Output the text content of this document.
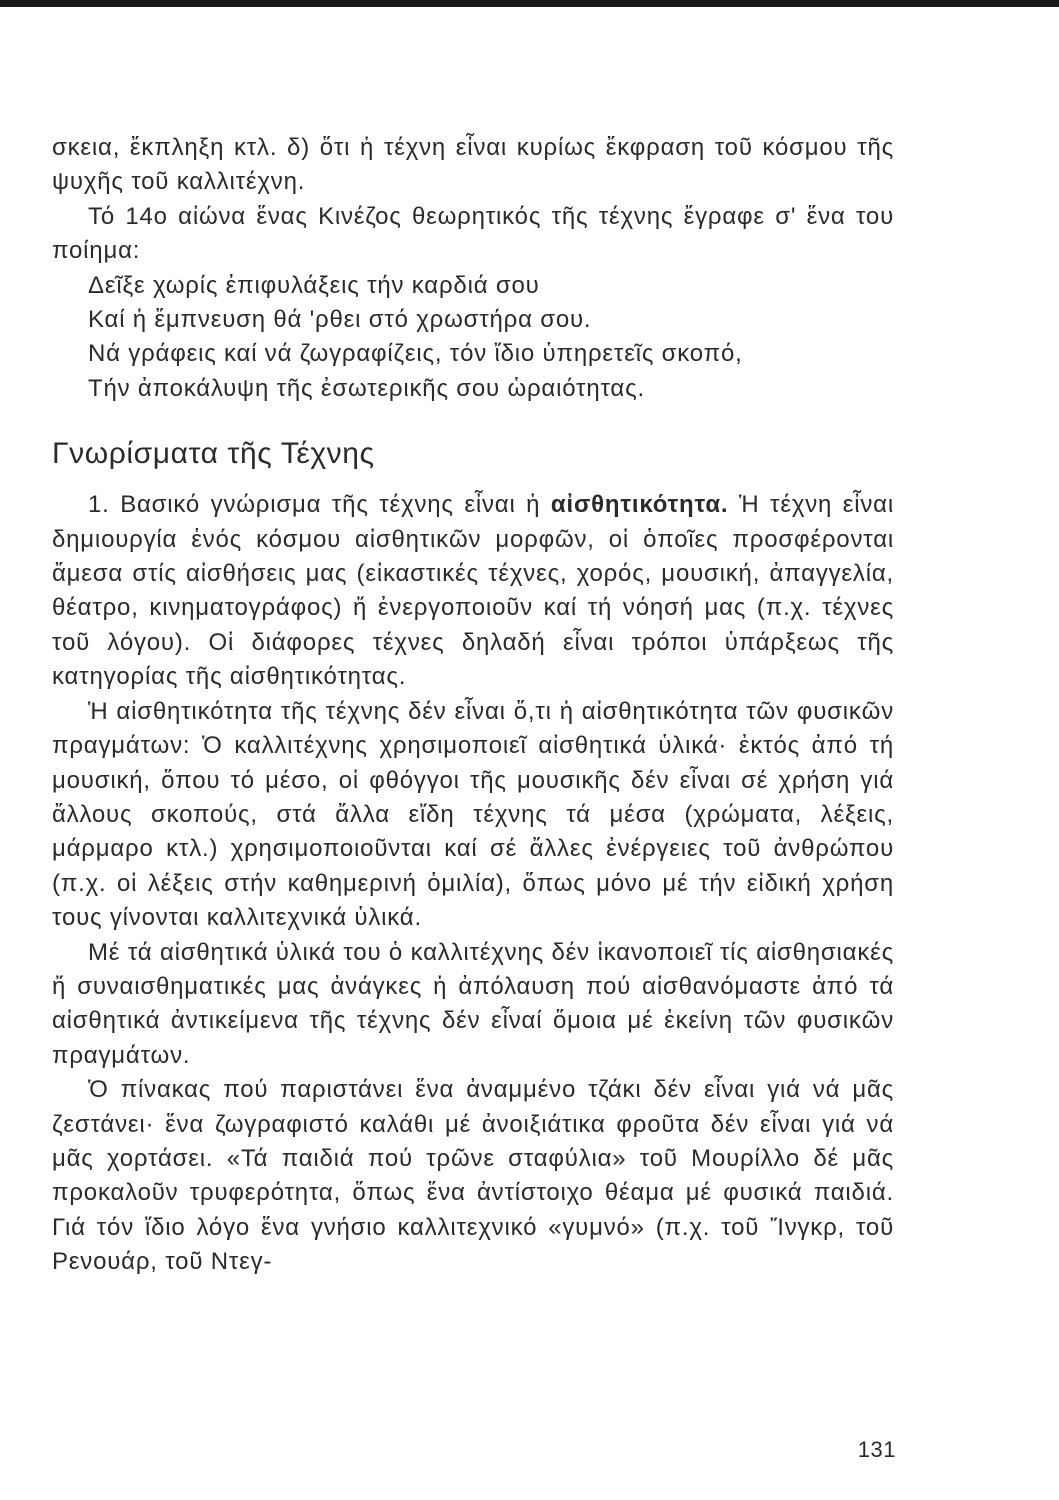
σκεια, ἔκπληξη κτλ. δ) ὅτι ἡ τέχνη εἶναι κυρίως ἔκφραση τοῦ κόσμου τῆς ψυχῆς τοῦ καλλιτέχνη.

Τό 14ο αἰώνα ἕνας Κινέζος θεωρητικός τῆς τέχνης ἔγραφε σ' ἕνα του ποίημα:

Δεῖξε χωρίς ἐπιφυλάξεις τήν καρδιά σου
Καί ἡ ἔμπνευση θά 'ρθει στό χρωστήρα σου.
Νά γράφεις καί νά ζωγραφίζεις, τόν ἴδιο ὑπηρετεῖς σκοπό,
Τήν ἀποκάλυψη τῆς ἐσωτερικῆς σου ὡραιότητας.
Γνωρίσματα τῆς Τέχνης

1. Βασικό γνώρισμα τῆς τέχνης εἶναι ἡ αἰσθητικότητα. Ἡ τέχνη εἶναι δημιουργία ἑνός κόσμου αἰσθητικῶν μορφῶν, οἱ ὁποῖες προσφέρονται ἄμεσα στίς αἰσθήσεις μας (εἰκαστικές τέχνες, χορός, μουσική, ἀπαγγελία, θέατρο, κινηματογράφος) ἤ ἐνεργοποιοῦν καί τή νόησή μας (π.χ. τέχνες τοῦ λόγου). Οἱ διάφορες τέχνες δηλαδή εἶναι τρόποι ὑπάρξεως τῆς κατηγορίας τῆς αἰσθητικότητας.

Ἡ αἰσθητικότητα τῆς τέχνης δέν εἶναι ὅ,τι ἡ αἰσθητικότητα τῶν φυσικῶν πραγμάτων: Ὁ καλλιτέχνης χρησιμοποιεῖ αἰσθητικά ὑλικά· ἐκτός ἀπό τή μουσική, ὅπου τό μέσο, οἱ φθόγγοι τῆς μουσικῆς δέν εἶναι σέ χρήση γιά ἄλλους σκοπούς, στά ἄλλα εἴδη τέχνης τά μέσα (χρώματα, λέξεις, μάρμαρο κτλ.) χρησιμοποιοῦνται καί σέ ἄλλες ἐνέργειες τοῦ ἀνθρώπου (π.χ. οἱ λέξεις στήν καθημερινή ὁμιλία), ὅπως μόνο μέ τήν εἰδική χρήση τους γίνονται καλλιτεχνικά ὑλικά.

Μέ τά αἰσθητικά ὑλικά του ὁ καλλιτέχνης δέν ἱκανοποιεῖ τίς αἰσθησιακές ἤ συναισθηματικές μας ἀνάγκες ἡ ἀπόλαυση πού αἰσθανόμαστε ἀπό τά αἰσθητικά ἀντικείμενα τῆς τέχνης δέν εἶναί ὅμοια μέ ἐκείνη τῶν φυσικῶν πραγμάτων.

Ὁ πίνακας πού παριστάνει ἕνα ἀναμμένο τζάκι δέν εἶναι γιά νά μᾶς ζεστάνει· ἕνα ζωγραφιστό καλάθι μέ ἀνοιξιάτικα φροῦτα δέν εἶναι γιά νά μᾶς χορτάσει. «Τά παιδιά πού τρῶνε σταφύλια» τοῦ Μουρίλλο δέ μᾶς προκαλοῦν τρυφερότητα, ὅπως ἕνα ἀντίστοιχο θέαμα μέ φυσικά παιδιά. Γιά τόν ἴδιο λόγο ἕνα γνήσιο καλλιτεχνικό «γυμνό» (π.χ. τοῦ Ἴνγκρ, τοῦ Ρενουάρ, τοῦ Ντεγ-

131
